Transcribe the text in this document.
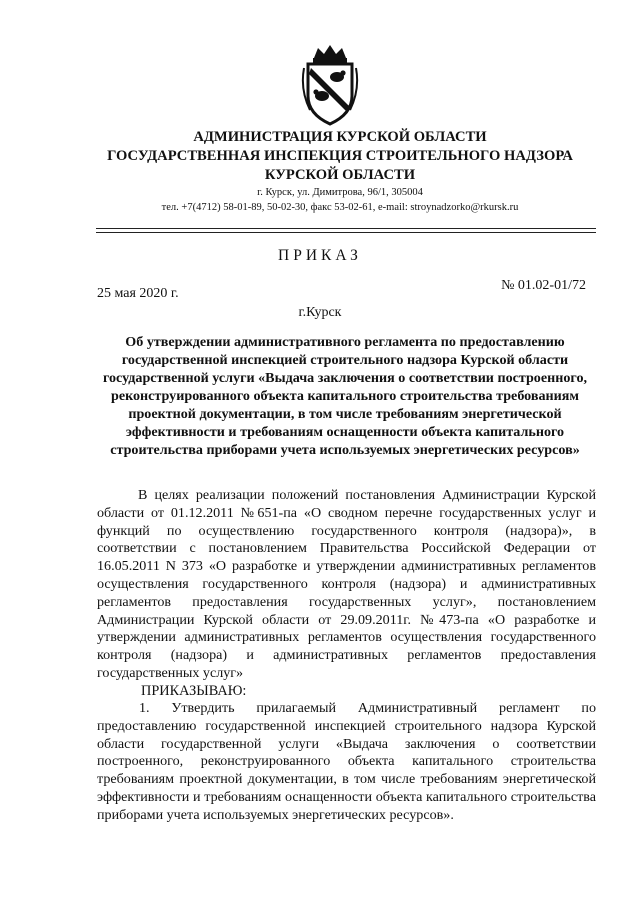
АДМИНИСТРАЦИЯ КУРСКОЙ ОБЛАСТИ
ГОСУДАРСТВЕННАЯ ИНСПЕКЦИЯ СТРОИТЕЛЬНОГО НАДЗОРА
КУРСКОЙ ОБЛАСТИ
г. Курск, ул. Димитрова, 96/1, 305004
тел. +7(4712) 58-01-89, 50-02-30, факс 53-02-61, e-mail: stroynadzorko@rkursk.ru
ПРИКАЗ
25 мая 2020 г.
№ 01.02-01/72
г.Курск
Об утверждении административного регламента по предоставлению государственной инспекцией строительного надзора Курской области государственной услуги «Выдача заключения о соответствии построенного, реконструированного объекта капитального строительства требованиям проектной документации, в том числе требованиям энергетической эффективности и требованиям оснащенности объекта капитального строительства приборами учета используемых энергетических ресурсов»
В целях реализации положений постановления Администрации Курской области от 01.12.2011 №651-па «О сводном перечне государственных услуг и функций по осуществлению государственного контроля (надзора)», в соответствии с постановлением Правительства Российской Федерации от 16.05.2011 N 373 «О разработке и утверждении административных регламентов осуществления государственного контроля (надзора) и административных регламентов предоставления государственных услуг», постановлением Администрации Курской области от 29.09.2011г. №473-па «О разработке и утверждении административных регламентов осуществления государственного контроля (надзора) и административных регламентов предоставления государственных услуг»
ПРИКАЗЫВАЮ:
1. Утвердить прилагаемый Административный регламент по предоставлению государственной инспекцией строительного надзора Курской области государственной услуги «Выдача заключения о соответствии построенного, реконструированного объекта капитального строительства требованиям проектной документации, в том числе требованиям энергетической эффективности и требованиям оснащенности объекта капитального строительства приборами учета используемых энергетических ресурсов».
